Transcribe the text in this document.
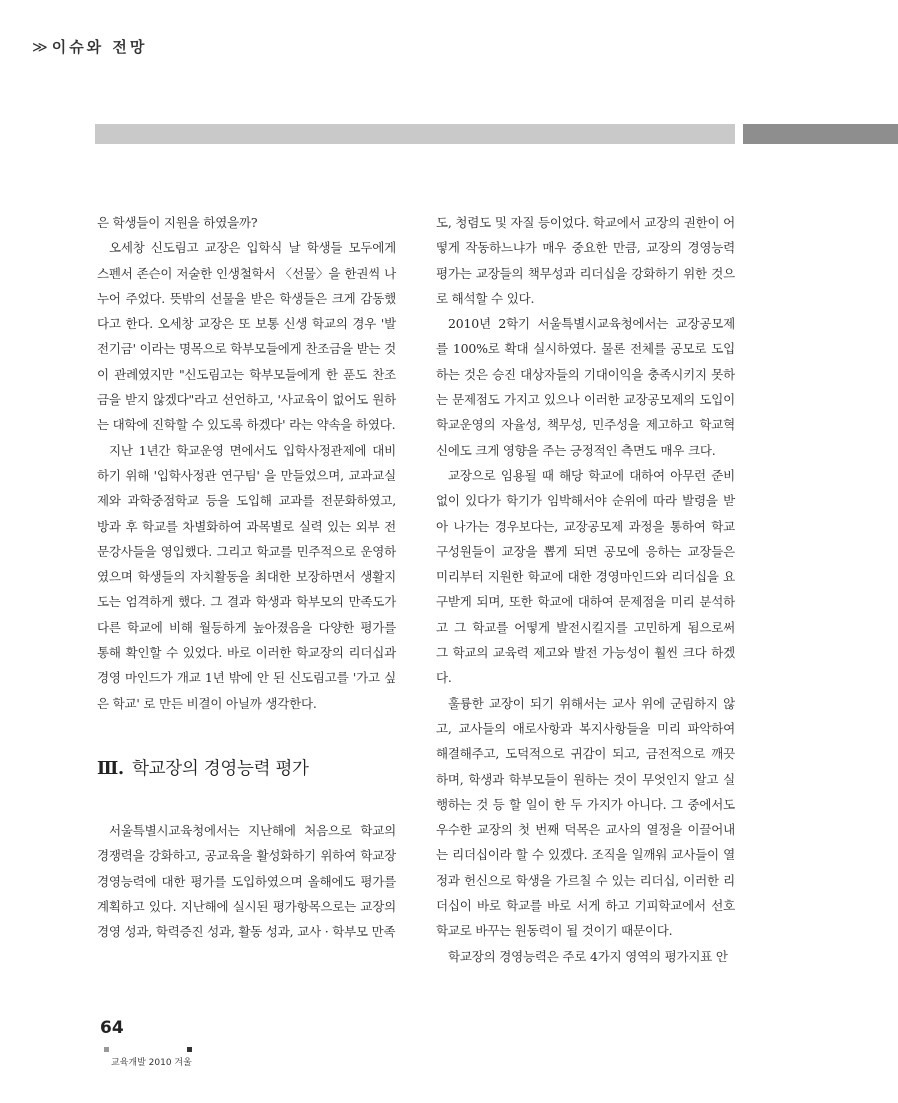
≫ 이슈와 전망

은 학생들이 지원을 하였을까?

오세창 신도림고 교장은 입학식 날 학생들 모두에게 스펜서 존슨이 저술한 인생철학서 〈선물〉을 한권씩 나누어 주었다. 뜻밖의 선물을 받은 학생들은 크게 감동했다고 한다. 오세창 교장은 또 보통 신생 학교의 경우 '발전기금' 이라는 명목으로 학부모들에게 찬조금을 받는 것이 관례였지만 "신도림고는 학부모들에게 한 푼도 찬조금을 받지 않겠다"라고 선언하고, '사교육이 없어도 원하는 대학에 진학할 수 있도록 하겠다' 라는 약속을 하였다.

지난 1년간 학교운영 면에서도 입학사정관제에 대비하기 위해 '입학사정관 연구팀' 을 만들었으며, 교과교실제와 과학중점학교 등을 도입해 교과를 전문화하였고, 방과 후 학교를 차별화하여 과목별로 실력 있는 외부 전문강사들을 영입했다. 그리고 학교를 민주적으로 운영하였으며 학생들의 자치활동을 최대한 보장하면서 생활지도는 엄격하게 했다. 그 결과 학생과 학부모의 만족도가 다른 학교에 비해 월등하게 높아졌음을 다양한 평가를 통해 확인할 수 있었다. 바로 이러한 학교장의 리더십과 경영 마인드가 개교 1년 밖에 안 된 신도림고를 '가고 싶은 학교' 로 만든 비결이 아닐까 생각한다.

Ⅲ. 학교장의 경영능력 평가

서울특별시교육청에서는 지난해에 처음으로 학교의 경쟁력을 강화하고, 공교육을 활성화하기 위하여 학교장 경영능력에 대한 평가를 도입하였으며 올해에도 평가를 계획하고 있다. 지난해에 실시된 평가항목으로는 교장의 경영 성과, 학력증진 성과, 활동 성과, 교사 · 학부모 만족

도, 청렴도 및 자질 등이었다. 학교에서 교장의 권한이 어떻게 작동하느냐가 매우 중요한 만큼, 교장의 경영능력 평가는 교장들의 책무성과 리더십을 강화하기 위한 것으로 해석할 수 있다.

2010년 2학기 서울특별시교육청에서는 교장공모제를 100%로 확대 실시하였다. 물론 전체를 공모로 도입하는 것은 승진 대상자들의 기대이익을 충족시키지 못하는 문제점도 가지고 있으나 이러한 교장공모제의 도입이 학교운영의 자율성, 책무성, 민주성을 제고하고 학교혁신에도 크게 영향을 주는 긍정적인 측면도 매우 크다.

교장으로 임용될 때 해당 학교에 대하여 아무런 준비 없이 있다가 학기가 임박해서야 순위에 따라 발령을 받아 나가는 경우보다는, 교장공모제 과정을 통하여 학교 구성원들이 교장을 뽑게 되면 공모에 응하는 교장들은 미리부터 지원한 학교에 대한 경영마인드와 리더십을 요구받게 되며, 또한 학교에 대하여 문제점을 미리 분석하고 그 학교를 어떻게 발전시킬지를 고민하게 됨으로써 그 학교의 교육력 제고와 발전 가능성이 훨씬 크다 하겠다.

훌륭한 교장이 되기 위해서는 교사 위에 군림하지 않고, 교사들의 애로사항과 복지사항들을 미리 파악하여 해결해주고, 도덕적으로 귀감이 되고, 금전적으로 깨끗하며, 학생과 학부모들이 원하는 것이 무엇인지 알고 실행하는 것 등 할 일이 한 두 가지가 아니다. 그 중에서도 우수한 교장의 첫 번째 덕목은 교사의 열정을 이끌어내는 리더십이라 할 수 있겠다. 조직을 일깨워 교사들이 열정과 헌신으로 학생을 가르칠 수 있는 리더십, 이러한 리더십이 바로 학교를 바로 서게 하고 기피학교에서 선호학교로 바꾸는 원동력이 될 것이기 때문이다.

학교장의 경영능력은 주로 4가지 영역의 평가지표 안

64
교육개발 2010 겨울
